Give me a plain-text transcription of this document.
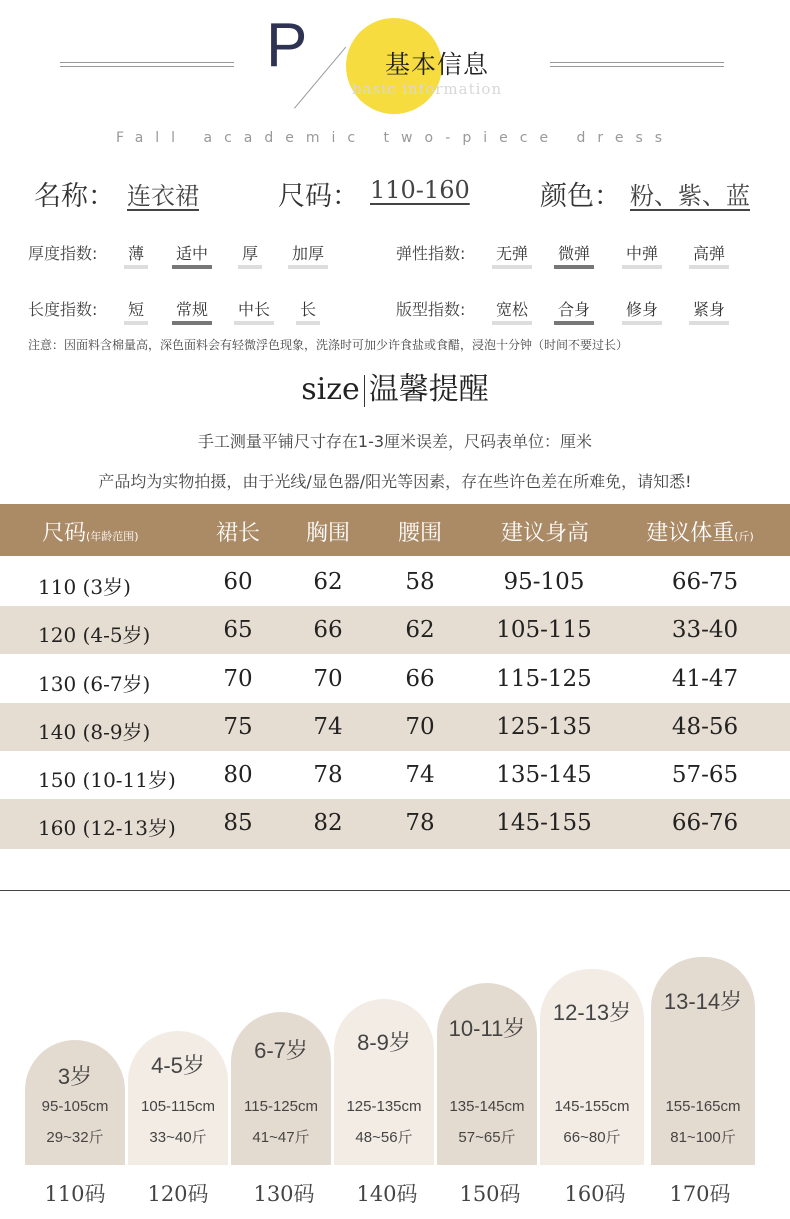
P	基本信息
basic information
Fall academic two-piece dress
名称： 连衣裙	尺码： 110-160	颜色： 粉、紫、蓝
厚度指数: 薄 适中 厚 加厚	弹性指数: 无弹 微弹 中弹 高弹
长度指数: 短 常规 中长 长	版型指数: 宽松 合身 修身 紧身
注意：因面料含棉量高，深色面料会有轻微浮色现象，洗涤时可加少许食盐或食醋，浸泡十分钟（时间不要过长）
size 温馨提醒
手工测量平铺尺寸存在1-3厘米误差，尺码表单位：厘米
产品均为实物拍摄，由于光线/显色器/阳光等因素，存在些许色差在所难免，请知悉!
尺码(年龄范围)	裙长	胸围	腰围	建议身高	建议体重(斤)
110 (3岁)	60	62	58	95-105	66-75
120 (4-5岁)	65	66	62	105-115	33-40
130 (6-7岁)	70	70	66	115-125	41-47
140 (8-9岁)	75	74	70	125-135	48-56
150 (10-11岁)	80	78	74	135-145	57-65
160 (12-13岁)	85	82	78	145-155	66-76
3岁
95-105cm
29~32斤
4-5岁
105-115cm
33~40斤
6-7岁
115-125cm
41~47斤
8-9岁
125-135cm
48~56斤
10-11岁
135-145cm
57~65斤
12-13岁
145-155cm
66~80斤
13-14岁
155-165cm
81~100斤
110码	120码	130码	140码	150码	160码	170码
